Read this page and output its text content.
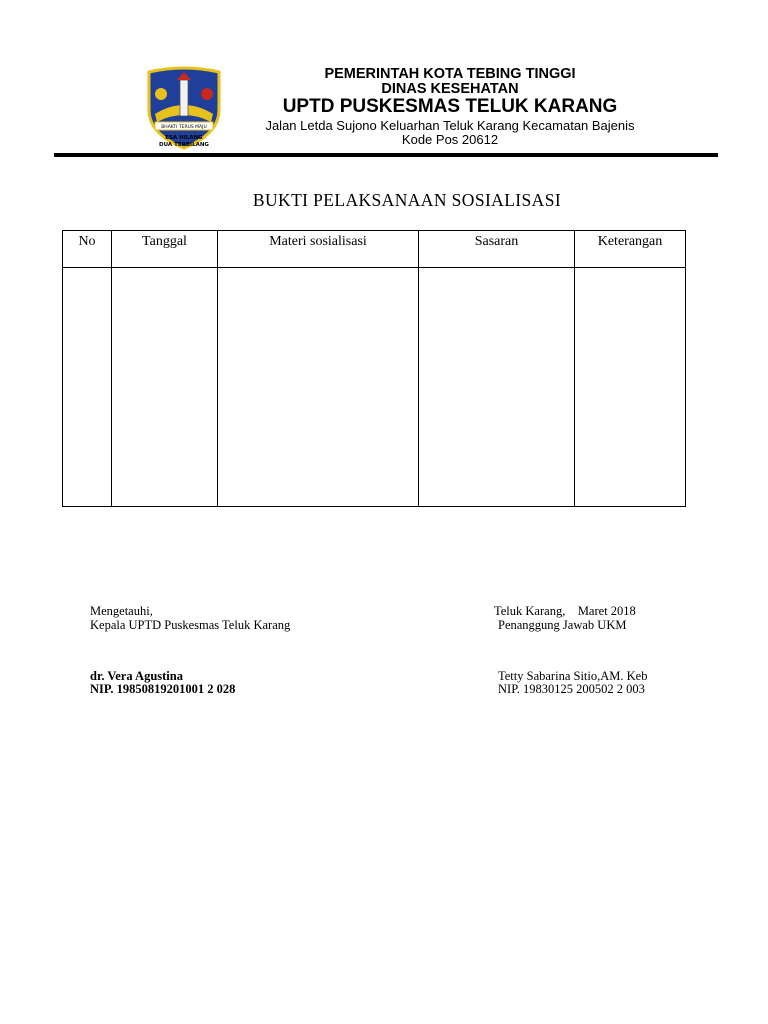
BHAKTI TERUS MAJU
ESA HILANG
DUA TERBILANG
PEMERINTAH KOTA TEBING TINGGI
DINAS KESEHATAN
UPTD PUSKESMAS TELUK KARANG
Jalan Letda Sujono Keluarhan Teluk Karang Kecamatan Bajenis
Kode Pos 20612
BUKTI PELAKSANAAN SOSIALISASI
No	Tanggal	Materi sosialisasi	Sasaran	Keterangan

Mengetauhi,
Kepala UPTD Puskesmas Teluk Karang
dr. Vera Agustina
NIP. 19850819201001 2 028
Teluk Karang,    Maret 2018
Penanggung Jawab UKM
Tetty Sabarina Sitio,AM. Keb
NIP. 19830125 200502 2 003
